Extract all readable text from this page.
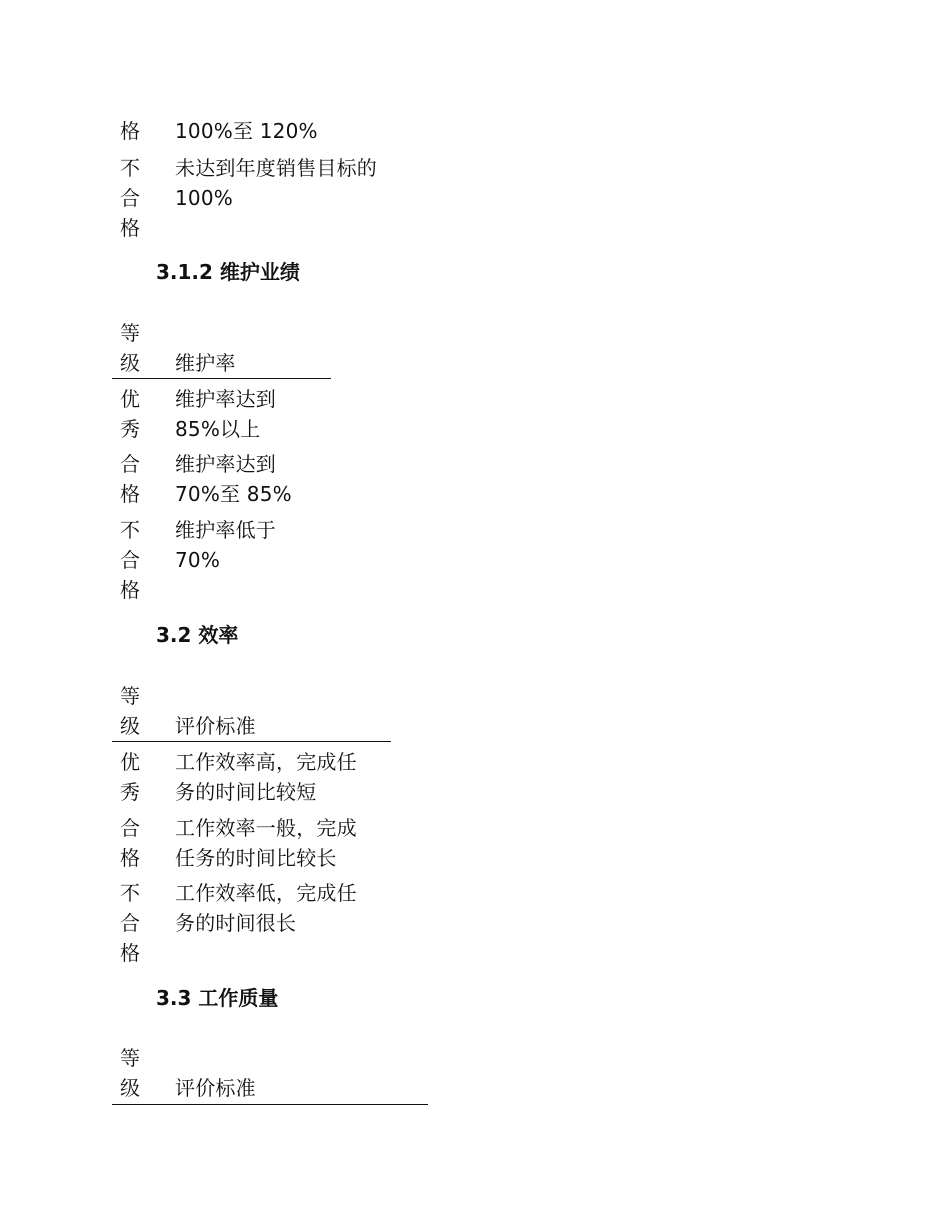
格 100%至 120%
不
合
格
未达到年度销售目标的
100%
3.1.2 维护业绩
等
级 维护率
优
秀
维护率达到
85%以上
合
格
维护率达到
70%至 85%
不
合
格
维护率低于
70%
3.2 效率
等
级 评价标准
优
秀
工作效率高，完成任
务的时间比较短
合
格
工作效率一般，完成
任务的时间比较长
不
合
格
工作效率低，完成任
务的时间很长
3.3 工作质量
等
级 评价标准
